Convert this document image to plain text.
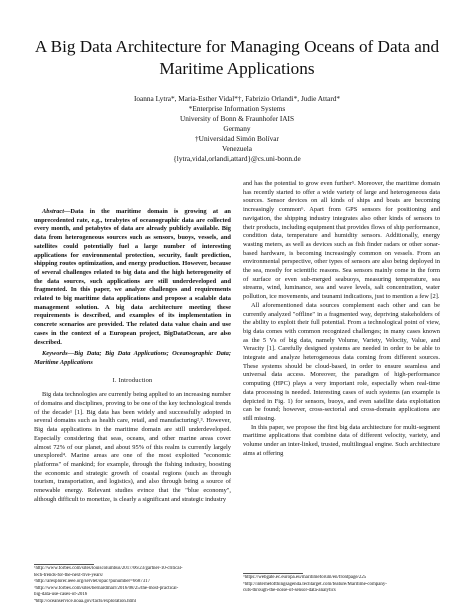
A Big Data Architecture for Managing Oceans of Data and Maritime Applications
Ioanna Lytra*, Maria-Esther Vidal*†, Fabrizio Orlandi*, Judie Attard*
*Enterprise Information Systems
University of Bonn & Fraunhofer IAIS
Germany
†Universidad Simón Bolívar
Venezuela
{lytra,vidal,orlandi,attard}@cs.uni-bonn.de

Abstract—Data in the maritime domain is growing at an unprecedented rate, e.g., terabytes of oceanographic data are collected every month, and petabytes of data are already publicly available. Big data from heterogeneous sources such as sensors, buoys, vessels, and satellites could potentially fuel a large number of interesting applications for environmental protection, security, fault prediction, shipping routes optimization, and energy production. However, because of several challenges related to big data and the high heterogeneity of the data sources, such applications are still underdeveloped and fragmented. In this paper, we analyze challenges and requirements related to big maritime data applications and propose a scalable data management solution. A big data architecture meeting these requirements is described, and examples of its implementation in concrete scenarios are provided. The related data value chain and use cases in the context of a European project, BigDataOcean, are also described.

Keywords—Big Data; Big Data Applications; Oceanographic Data; Maritime Applications

I. Introduction

Big data technologies are currently being applied to an increasing number of domains and disciplines, proving to be one of the key technological trends of the decade¹ [1]. Big data has been widely and successfully adopted in several domains such as health care, retail, and manufacturing²,³. However, Big data applications in the maritime domain are still underdeveloped. Especially considering that seas, oceans, and other marine areas cover almost 72% of our planet, and about 95% of this realm is currently largely unexplored⁴. Marine areas are one of the most exploited "economic platforms" of mankind; for example, through the fishing industry, boosting the economic and strategic growth of coastal regions (such as through tourism, transportation, and logistics), and also through being a source of renewable energy. Relevant studies evince that the "blue economy", although difficult to monetize, is clearly a significant and strategic industry

and has the potential to grow even further⁵. Moreover, the maritime domain has recently started to offer a wide variety of large and heterogeneous data sources. Sensor devices on all kinds of ships and boats are becoming increasingly common⁶. Apart from GPS sensors for positioning and navigation, the shipping industry integrates also other kinds of sensors to their products, including equipment that provides flows of ship performance, condition data, temperature and humidity sensors. Additionally, energy wasting meters, as well as devices such as fish finder radars or other sonar-based hardware, is becoming increasingly common on vessels. From an environmental perspective, other types of sensors are also being deployed in the sea, mostly for scientific reasons. Sea sensors mainly come in the form of surface or even sub-merged seabuoys, measuring temperature, sea streams, wind, luminance, sea and wave levels, salt concentration, water pollution, ice movements, and tsunami indications, just to mention a few [2].

All aforementioned data sources complement each other and can be currently analyzed "offline" in a fragmented way, depriving stakeholders of the ability to exploit their full potential. From a technological point of view, big data comes with common recognized challenges; in many cases known as the 5 Vs of big data, namely Volume, Variety, Velocity, Value, and Veracity [1]. Carefully designed systems are needed in order to be able to integrate and analyze heterogeneous data coming from different sources. These systems should be cloud-based, in order to ensure seamless and universal data access. Moreover, the paradigm of high-performance computing (HPC) plays a very important role, especially when real-time data processing is needed. Interesting cases of such systems (an example is depicted in Fig. 1) for sensors, buoys, and even satellite data exploitation can be found; however, cross-sectorial and cross-domain applications are still missing.

In this paper, we propose the first big data architecture for multi-segment maritime applications that combine data of different velocity, variety, and volume under an inter-linked, trusted, multilingual engine. Such architecture aims at offering

¹http://www.forbes.com/sites/louiscolumbus/2017/06/23/gartner-10-critical-
tech-trends-for-the-next-five-years/
²http://aresplorer.ieee.org/servlet/opac?punumber=6687317
³http://www.forbes.com/sites/bernardmarr/2016/08/25/the-most-practical-
big-data-use-cases-of-2016
⁴http://oceanservice.noaa.gov/facts/exploration.html
⁵https://webgate.ec.europa.eu/maritimeforum/en/frontpage/225
⁶http://internetofthingsagenda.techtarget.com/feature/Maritime-company-
cuts-through-the-noise-of-sensor-data-analytics
